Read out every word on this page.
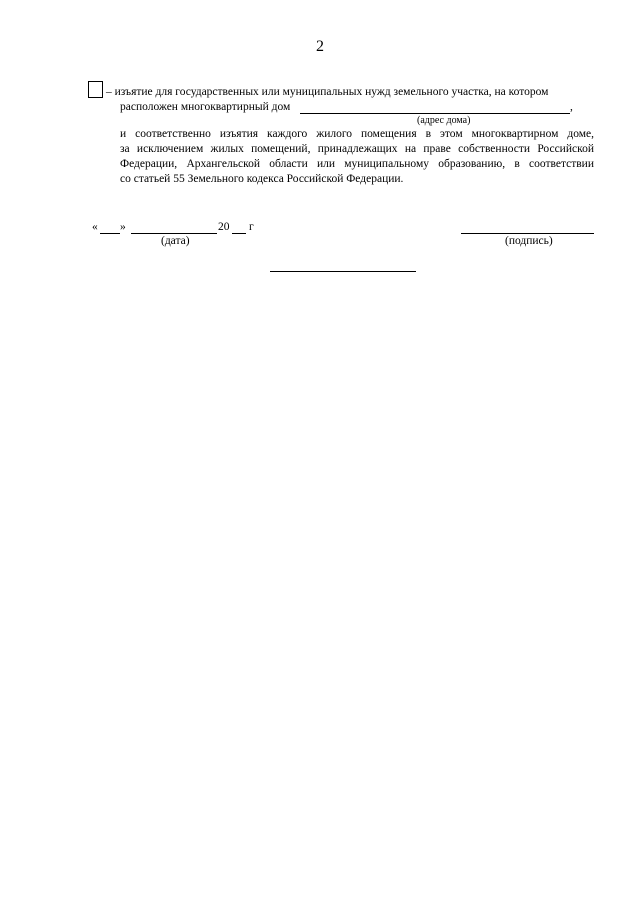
2
– изъятие для государственных или муниципальных нужд земельного участка, на котором
расположен многоквартирный дом	,
(адрес дома)
и соответственно изъятия каждого жилого помещения в этом многоквартирном доме,
за исключением жилых помещений, принадлежащих на праве собственности Российской
Федерации, Архангельской области или муниципальному образованию, в соответствии
со статьей 55 Земельного кодекса Российской Федерации.
« »	20 г
(дата)	(подпись)
